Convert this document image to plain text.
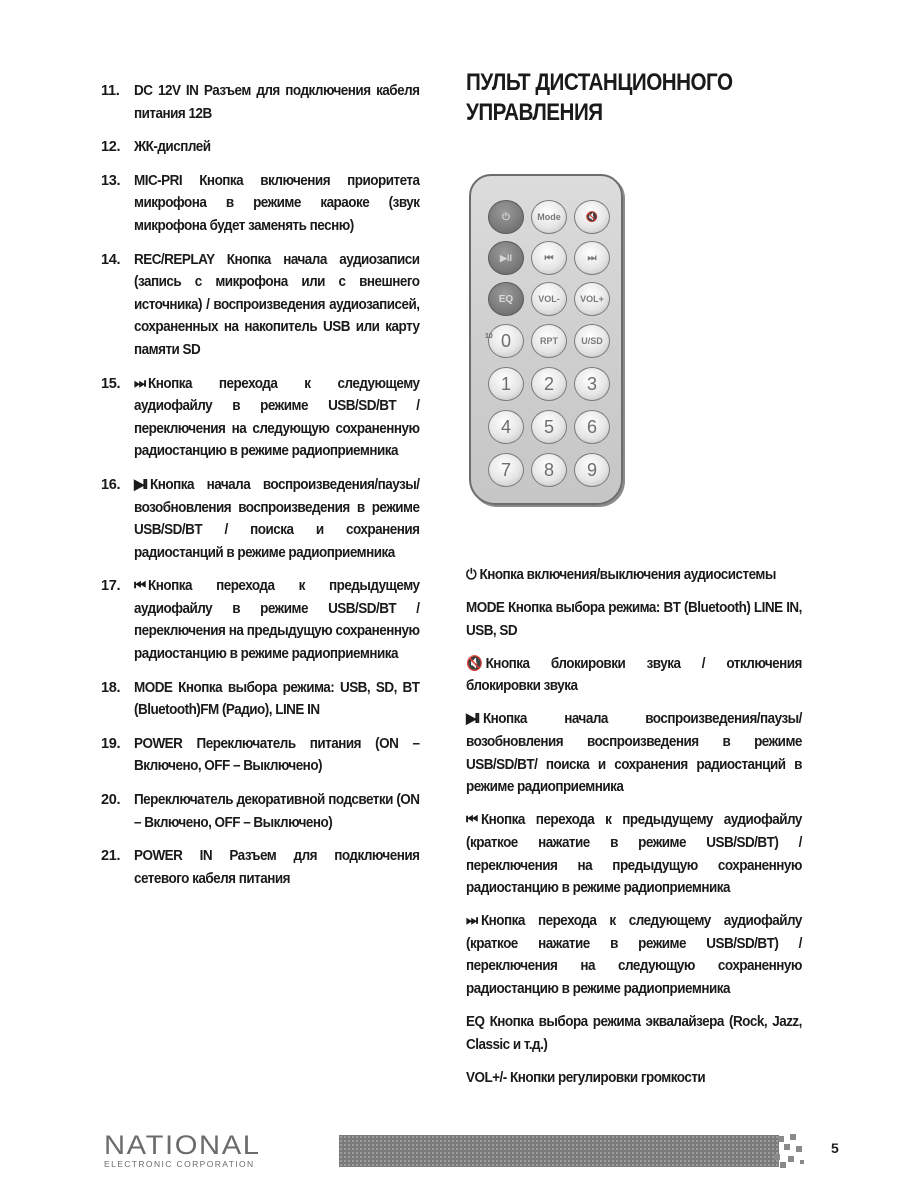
11.	DC 12V IN Разъем для подключения кабеля питания 12В
12. ЖК-дисплей
13. MIC-PRI Кнопка включения приоритета микрофона в режиме караоке (звук микрофона будет заменять песню)
14. REC/REPLAY Кнопка начала аудиозаписи (запись с микрофона или с внешнего источника) / воспроизведения аудиозаписей, сохраненных на накопитель USB или карту памяти SD
15. ⏭ Кнопка перехода к следующему аудиофайлу в режиме USB/SD/BT / переключения на следующую сохраненную радиостанцию в режиме радиоприемника
16. ▶II Кнопка начала воспроизведения/паузы/возобновления воспроизведения в режиме USB/SD/BT / поиска и сохранения радиостанций в режиме радиоприемника
17. ⏮ Кнопка перехода к предыдущему аудиофайлу в режиме USB/SD/BT / переключения на предыдущую сохраненную радиостанцию в режиме радиоприемника
18. MODE Кнопка выбора режима: USB, SD, BT (Bluetooth)FM (Радио), LINE IN
19. POWER Переключатель питания (ON – Включено, OFF – Выключено)
20. Переключатель декоративной подсветки (ON – Включено, OFF – Выключено)
21. POWER IN Разъем для подключения сетевого кабеля питания
ПУЛЬТ ДИСТАНЦИОННОГО
УПРАВЛЕНИЯ
⏻	Mode	🔇
▶II	⏮	⏭
EQ	VOL- VOL+
0	RPT	U/SD
1 2 3
4 5 6
7 8 9
10

⏻ Кнопка включения/выключения аудиосистемы

MODE Кнопка выбора режима: BT (Bluetooth) LINE IN, USB, SD

🔇 Кнопка блокировки звука / отключения блокировки звука

▶II Кнопка начала воспроизведения/паузы/возобновления воспроизведения в режиме USB/SD/BT/ поиска и сохранения радиостанций в режиме радиоприемника

⏮ Кнопка перехода к предыдущему аудиофайлу (краткое нажатие в режиме USB/SD/BT) / переключения на предыдущую сохраненную радиостанцию в режиме радиоприемника

⏭ Кнопка перехода к следующему аудиофайлу (краткое нажатие в режиме USB/SD/BT) / переключения на следующую сохраненную радиостанцию в режиме радиоприемника

EQ Кнопка выбора режима эквалайзера (Rock, Jazz, Classic и т.д.)

VOL+/- Кнопки регулировки громкости

NATIONAL
ELECTRONIC CORPORATION
5
